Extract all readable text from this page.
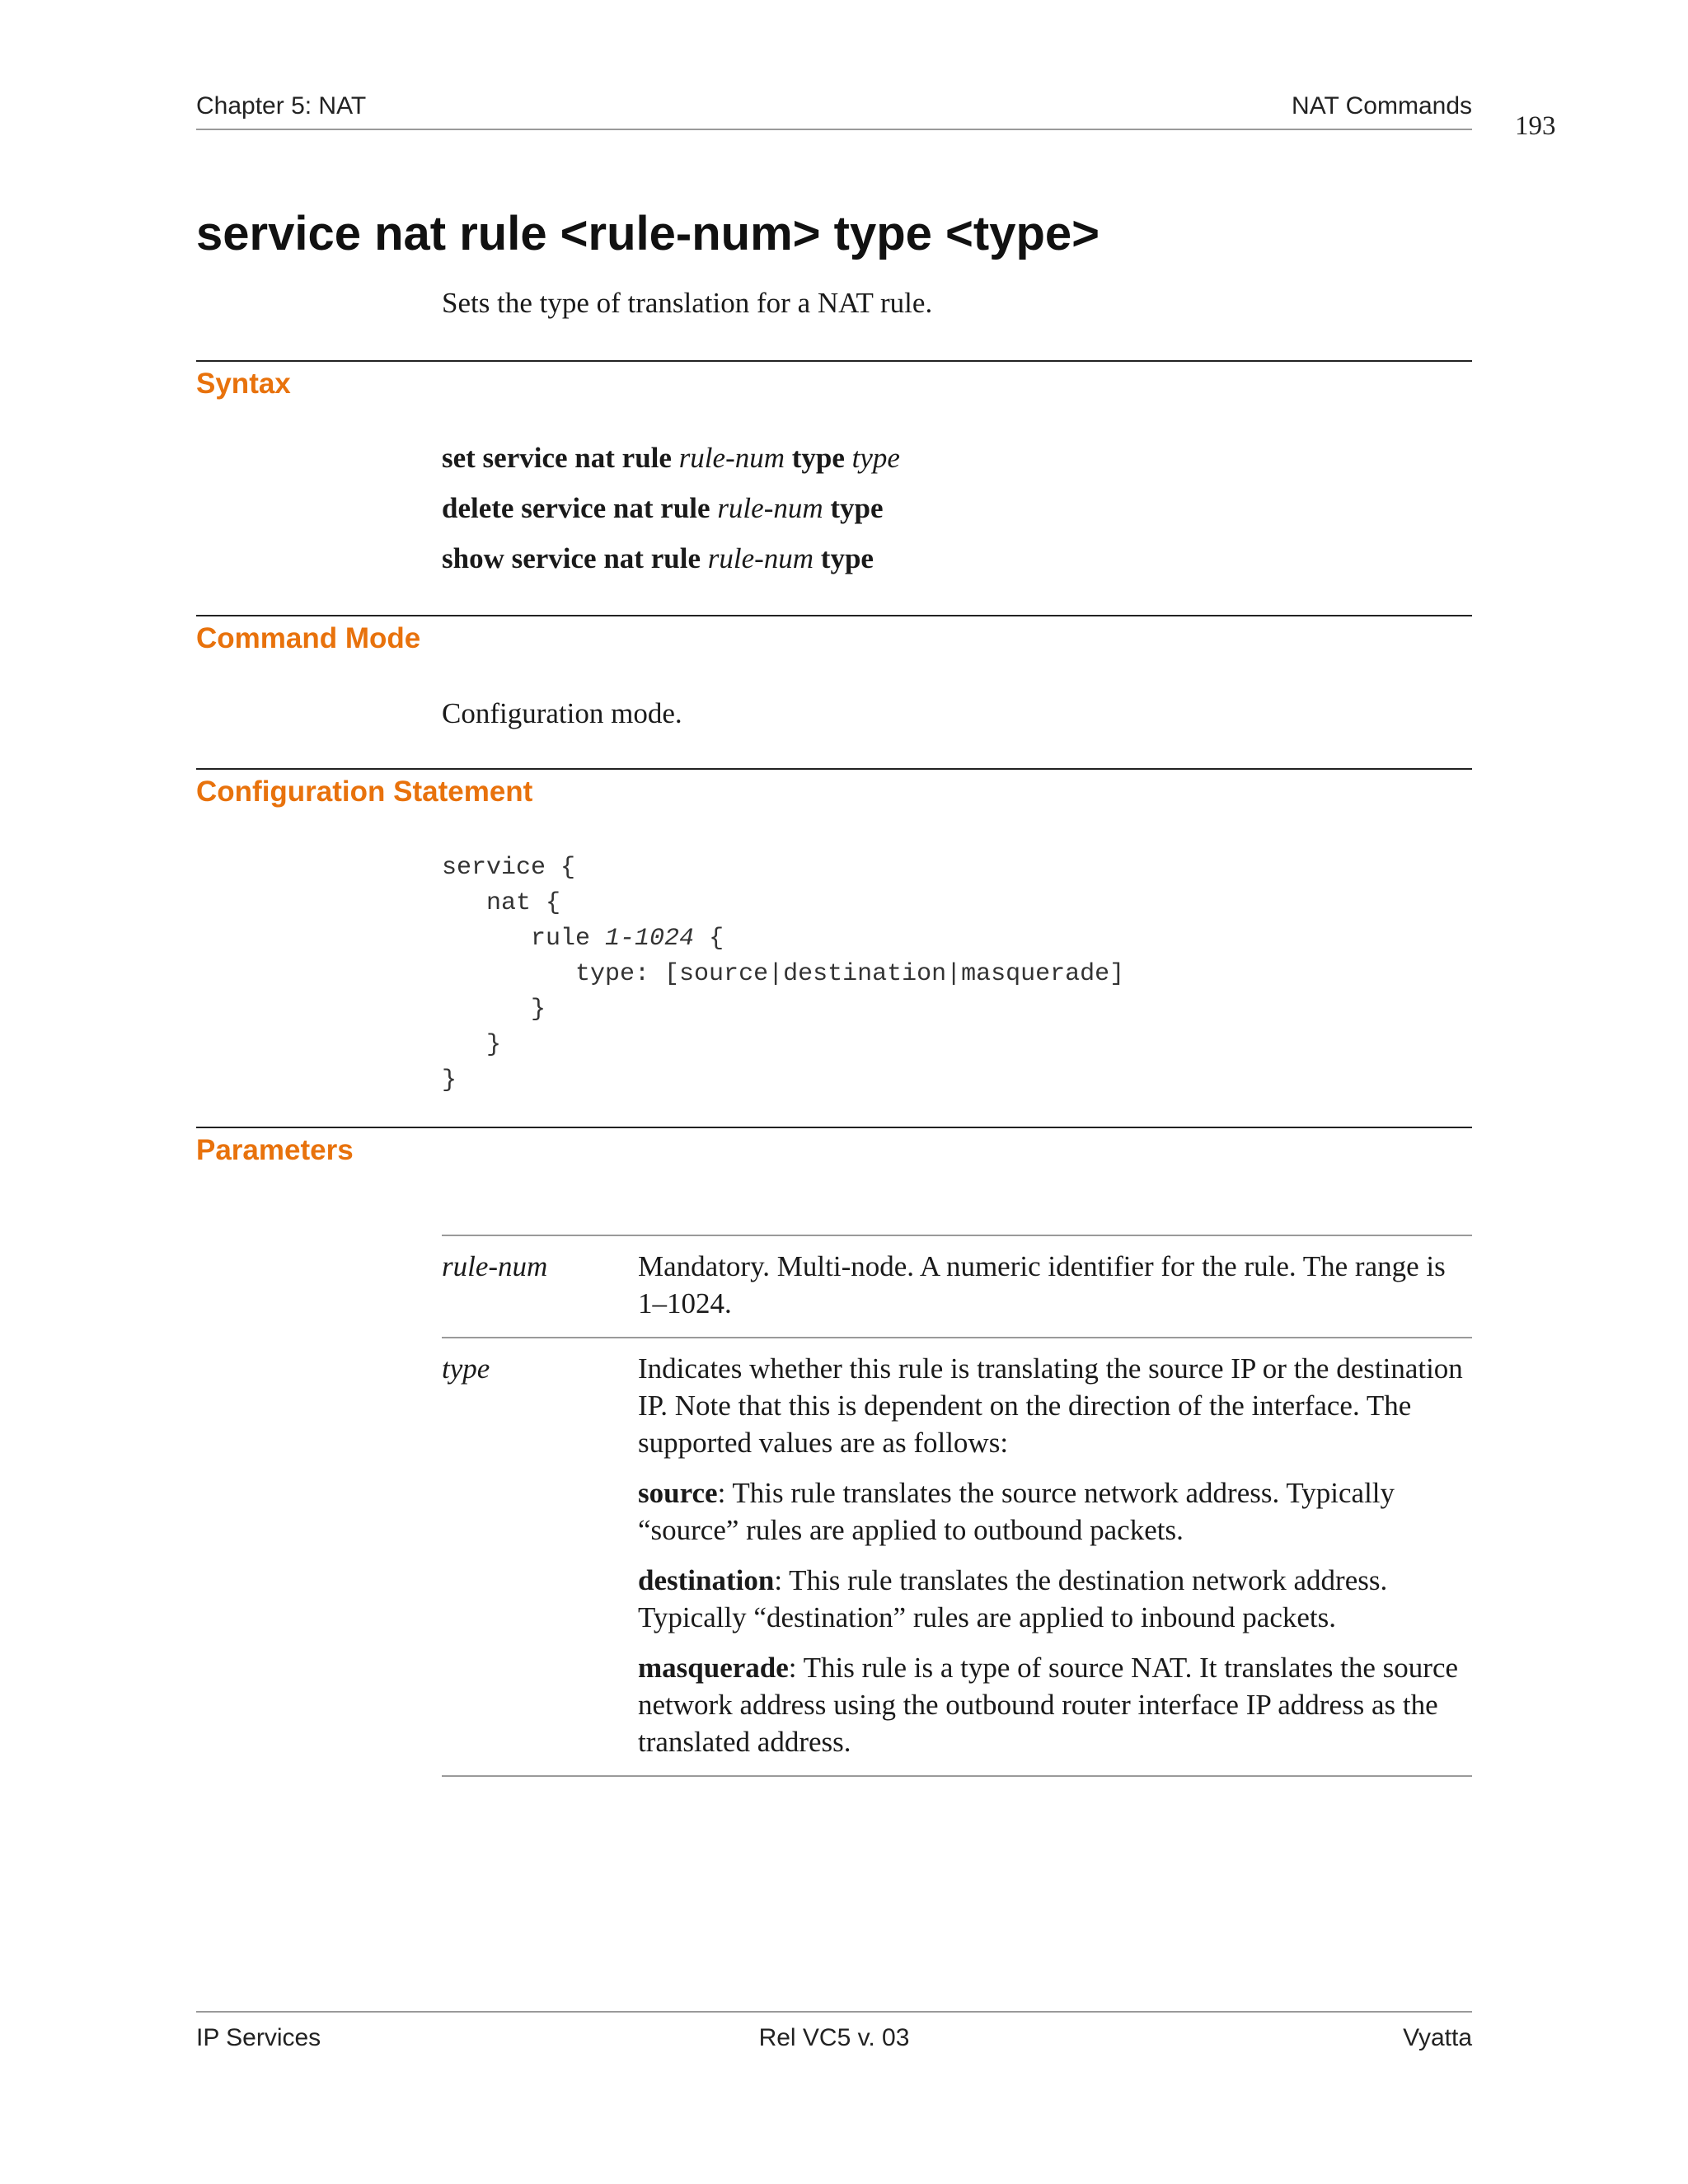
Chapter 5: NAT	NAT Commands
193
service nat rule <rule-num> type <type>
Sets the type of translation for a NAT rule.
Syntax
set service nat rule rule-num type type
delete service nat rule rule-num type
show service nat rule rule-num type
Command Mode
Configuration mode.
Configuration Statement
service {
nat {
rule 1-1024 {
type: [source|destination|masquerade]
}
}
}
Parameters
rule-num	Mandatory. Multi-node. A numeric identifier for the rule. The range is 1–1024.

type	Indicates whether this rule is translating the source IP or the destination IP. Note that this is dependent on the direction of the interface. The supported values are as follows:

source: This rule translates the source network address. Typically “source” rules are applied to outbound packets.

destination: This rule translates the destination network address. Typically “destination” rules are applied to inbound packets.

masquerade: This rule is a type of source NAT. It translates the source network address using the outbound router interface IP address as the translated address.

IP Services	Rel VC5 v. 03	Vyatta
